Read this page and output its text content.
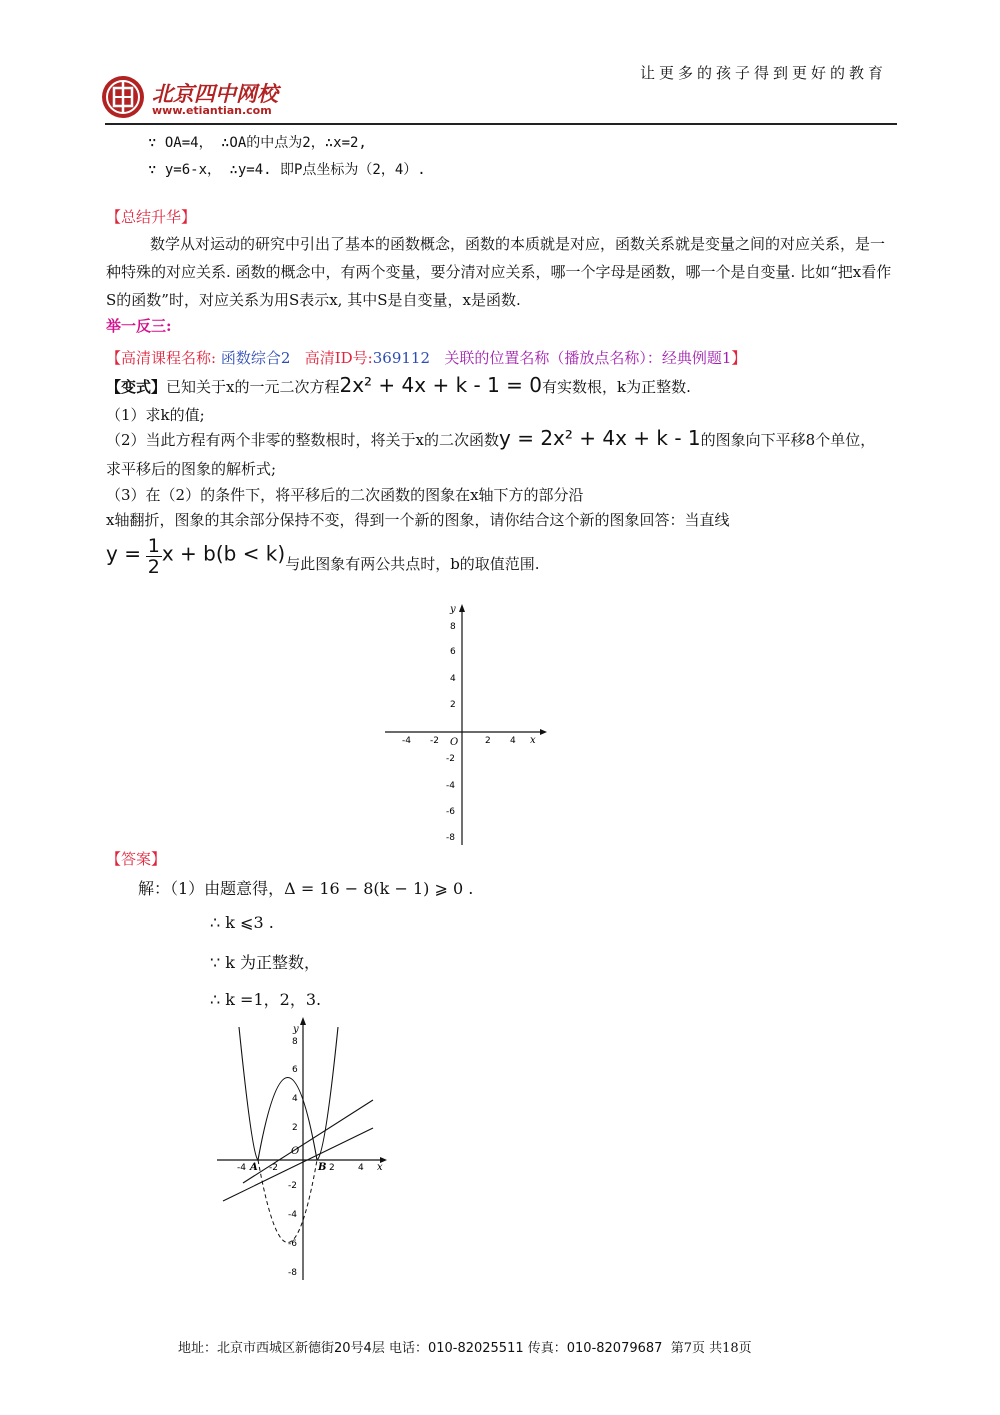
北京四中网校
www.etiantian.com
让更多的孩子得到更好的教育
∵ OA=4， ∴OA的中点为2，∴x=2,
∵ y=6-x， ∴y=4. 即P点坐标为（2，4）.
【总结升华】
数学从对运动的研究中引出了基本的函数概念，函数的本质就是对应，函数关系就是变量之间的对应关系，是一种特殊的对应关系. 函数的概念中，有两个变量，要分清对应关系，哪一个字母是函数，哪一个是自变量. 比如“把x看作S的函数”时，对应关系为用S表示x, 其中S是自变量，x是函数.
举一反三:
【高清课程名称: 函数综合2 高清ID号:369112 关联的位置名称（播放点名称）：经典例题1】
【变式】已知关于x的一元二次方程2x² + 4x + k - 1 = 0有实数根，k为正整数.
（1）求k的值;
（2）当此方程有两个非零的整数根时，将关于x的二次函数y = 2x² + 4x + k - 1的图象向下平移8个单位，
求平移后的图象的解析式;
（3）在（2）的条件下，将平移后的二次函数的图象在x轴下方的部分沿
x轴翻折，图象的其余部分保持不变，得到一个新的图象，请你结合这个新的图象回答：当直线
$y = \frac{1}{2}$ x + b(b < k)与此图象有两公共点时，b的取值范围.
x
y
O
-4 -2	2 4
8
6
4
2
-2
-4
-6
-8
【答案】
解：（1）由题意得，Δ = 16 − 8(k − 1) ⩾ 0 .
∴ k ⩽3 .
∵ k 为正整数，
∴ k =1，2，3.
y
x
O
A	B
-4	-2	2	4
8
6
4
2
-2
-4
-6
-8
地址：北京市西城区新德街20号4层 电话：010-82025511 传真：010-82079687 第7页 共18页
